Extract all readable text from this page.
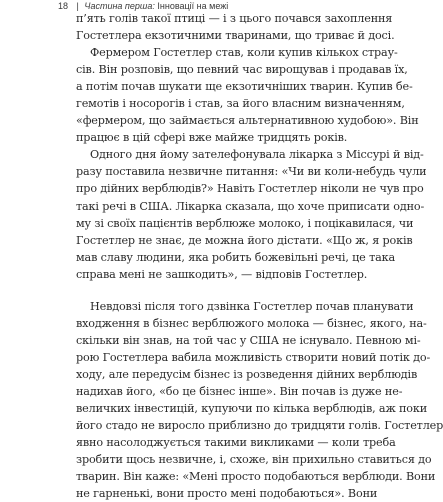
18 | Частина перша: Інновації на межі
п’ять голів такої птиці — і з цього почався захоплення
Гостетлера екзотичними тваринами, що триває й досі.
Фермером Гостетлер став, коли купив кількох страу-
сів. Він розповів, що певний час вирощував і продавав їх,
а потім почав шукати ще екзотичніших тварин. Купив бе-
гемотів і носорогів і став, за його власним визначенням,
«фермером, що займається альтернативною худобою». Він
працює в цій сфері вже майже тридцять років.
Одного дня йому зателефонувала лікарка з Міссурі й від-
разу поставила незвичне питання: «Чи ви коли-небудь чули
про дійних верблюдів?» Навіть Гостетлер ніколи не чув про
такі речі в США. Лікарка сказала, що хоче приписати одно-
му зі своїх пацієнтів верблюже молоко, і поцікавилася, чи
Гостетлер не знає, де можна його дістати. «Що ж, я років
мав славу людини, яка робить божевільні речі, це така
справа мені не зашкодить», — відповів Гостетлер.
Невдовзі після того дзвінка Гостетлер почав планувати
входження в бізнес верблюжого молока — бізнес, якого, на-
скільки він знав, на той час у США не існувало. Певною мі-
рою Гостетлера вабила можливість створити новий потік до-
ходу, але передусім бізнес із розведення дійних верблюдів
надихав його, «бо це бізнес інше». Він почав із дуже не-
величких інвестицій, купуючи по кілька верблюдів, аж поки
його стадо не виросло приблизно до тридцяти голів. Гостетлер
явно насолоджується такими викликами — коли треба
зробити щось незвичне, і, схоже, він прихильно ставиться до
тварин. Він каже: «Мені просто подобаються верблюди. Вони
не гарненькі, вони просто мені подобаються». Вони
